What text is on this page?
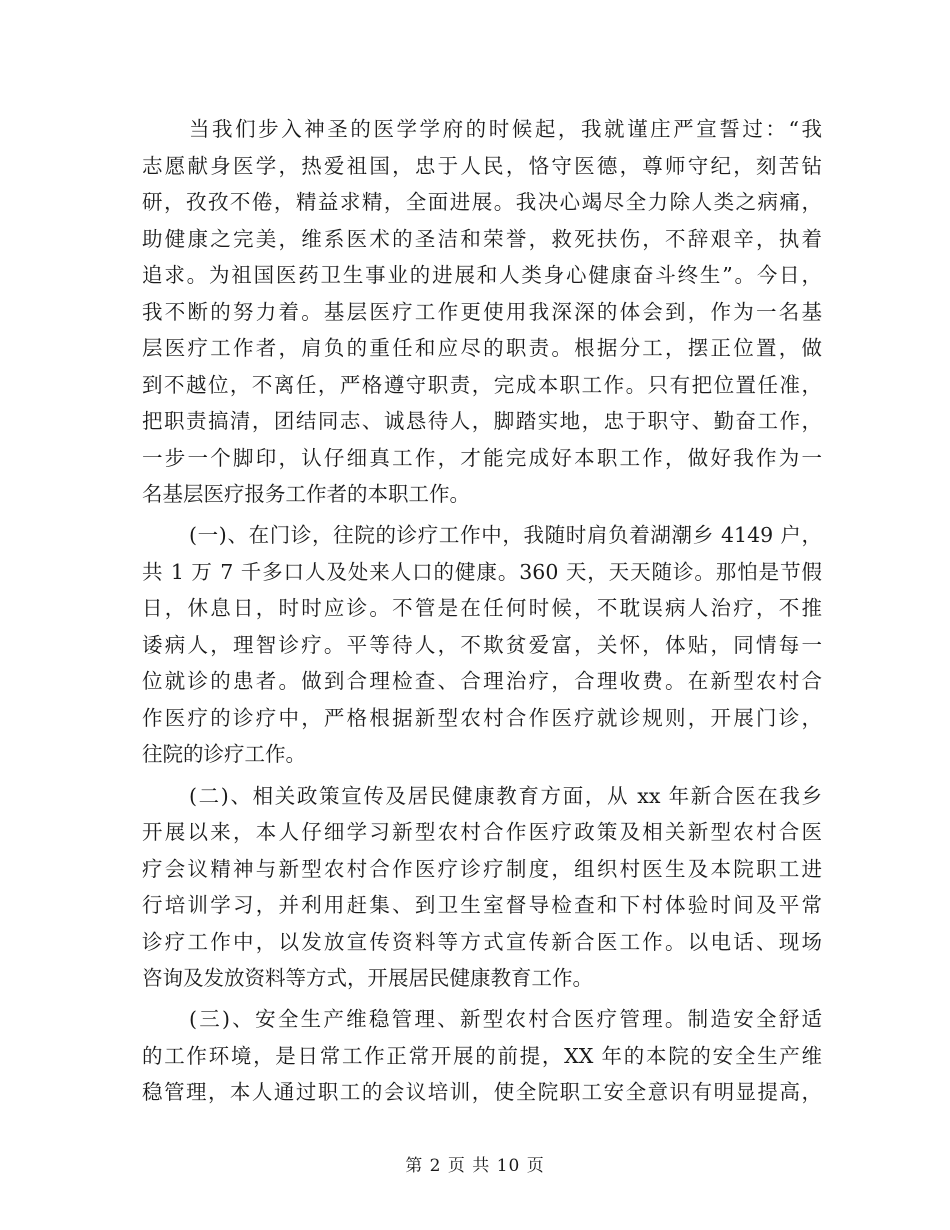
当我们步入神圣的医学学府的时候起，我就谨庄严宣誓过：“我
志愿献身医学，热爱祖国，忠于人民，恪守医德，尊师守纪，刻苦钻
研，孜孜不倦，精益求精，全面进展。我决心竭尽全力除人类之病痛，
助健康之完美，维系医术的圣洁和荣誉，救死扶伤，不辞艰辛，执着
追求。为祖国医药卫生事业的进展和人类身心健康奋斗终生”。今日，
我不断的努力着。基层医疗工作更使用我深深的体会到，作为一名基
层医疗工作者，肩负的重任和应尽的职责。根据分工，摆正位置，做
到不越位，不离任，严格遵守职责，完成本职工作。只有把位置任准，
把职责搞清，团结同志、诚恳待人，脚踏实地，忠于职守、勤奋工作，
一步一个脚印，认仔细真工作，才能完成好本职工作，做好我作为一
名基层医疗报务工作者的本职工作。
(一)、在门诊，往院的诊疗工作中，我随时肩负着湖潮乡 4149 户，
共 1 万 7 千多口人及处来人口的健康。360 天，天天随诊。那怕是节假
日，休息日，时时应诊。不管是在任何时候，不耽误病人治疗，不推
诿病人，理智诊疗。平等待人，不欺贫爱富，关怀，体贴，同情每一
位就诊的患者。做到合理检查、合理治疗，合理收费。在新型农村合
作医疗的诊疗中，严格根据新型农村合作医疗就诊规则，开展门诊，
往院的诊疗工作。
(二)、相关政策宣传及居民健康教育方面，从 xx 年新合医在我乡
开展以来，本人仔细学习新型农村合作医疗政策及相关新型农村合医
疗会议精神与新型农村合作医疗诊疗制度，组织村医生及本院职工进
行培训学习，并利用赶集、到卫生室督导检查和下村体验时间及平常
诊疗工作中，以发放宣传资料等方式宣传新合医工作。以电话、现场
咨询及发放资料等方式，开展居民健康教育工作。
(三)、安全生产维稳管理、新型农村合医疗管理。制造安全舒适
的工作环境，是日常工作正常开展的前提，XX 年的本院的安全生产维
稳管理，本人通过职工的会议培训，使全院职工安全意识有明显提高，
第 2 页 共 10 页
